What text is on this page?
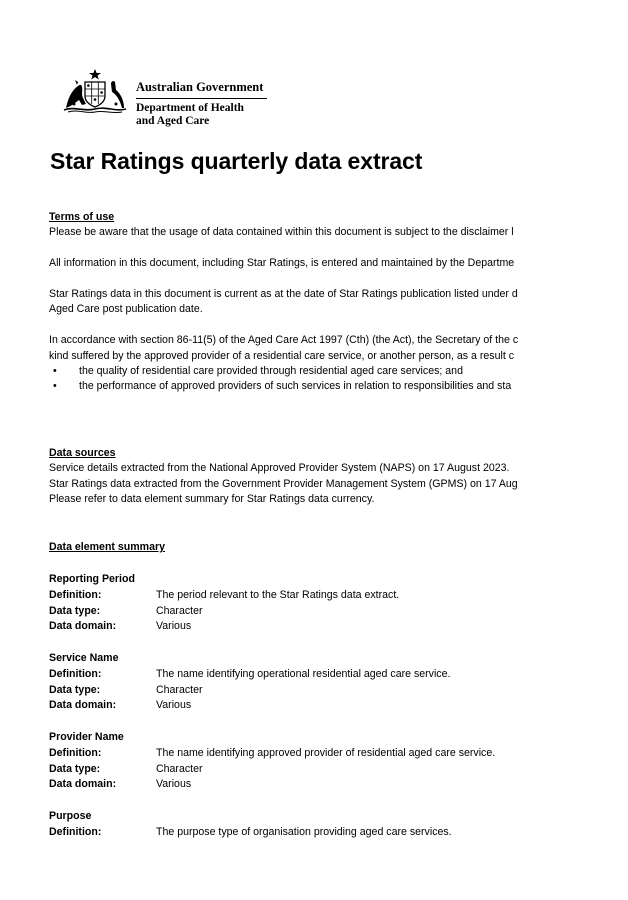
Australian Government
Department of Health
and Aged Care
Star Ratings quarterly data extract
Terms of use
Please be aware that the usage of data contained within this document is subject to the disclaimer l
All information in this document, including Star Ratings, is entered and maintained by the Departme
Star Ratings data in this document is current as at the date of Star Ratings publication listed under d
Aged Care post publication date.
In accordance with section 86-11(5) of the Aged Care Act 1997 (Cth) (the Act), the Secretary of the c
kind suffered by the approved provider of a residential care service, or another person, as a result c
• the quality of residential care provided through residential aged care services; and
• the performance of approved providers of such services in relation to responsibilities and sta
Data sources
Service details extracted from the National Approved Provider System (NAPS) on 17 August 2023.
Star Ratings data extracted from the Government Provider Management System (GPMS) on 17 Aug
Please refer to data element summary for Star Ratings data currency.
Data element summary
Reporting Period
Definition:	The period relevant to the Star Ratings data extract.
Data type:	Character
Data domain:	Various
Service Name
Definition:	The name identifying operational residential aged care service.
Data type:	Character
Data domain:	Various
Provider Name
Definition:	The name identifying approved provider of residential aged care service.
Data type:	Character
Data domain:	Various
Purpose
Definition:	The purpose type of organisation providing aged care services.
